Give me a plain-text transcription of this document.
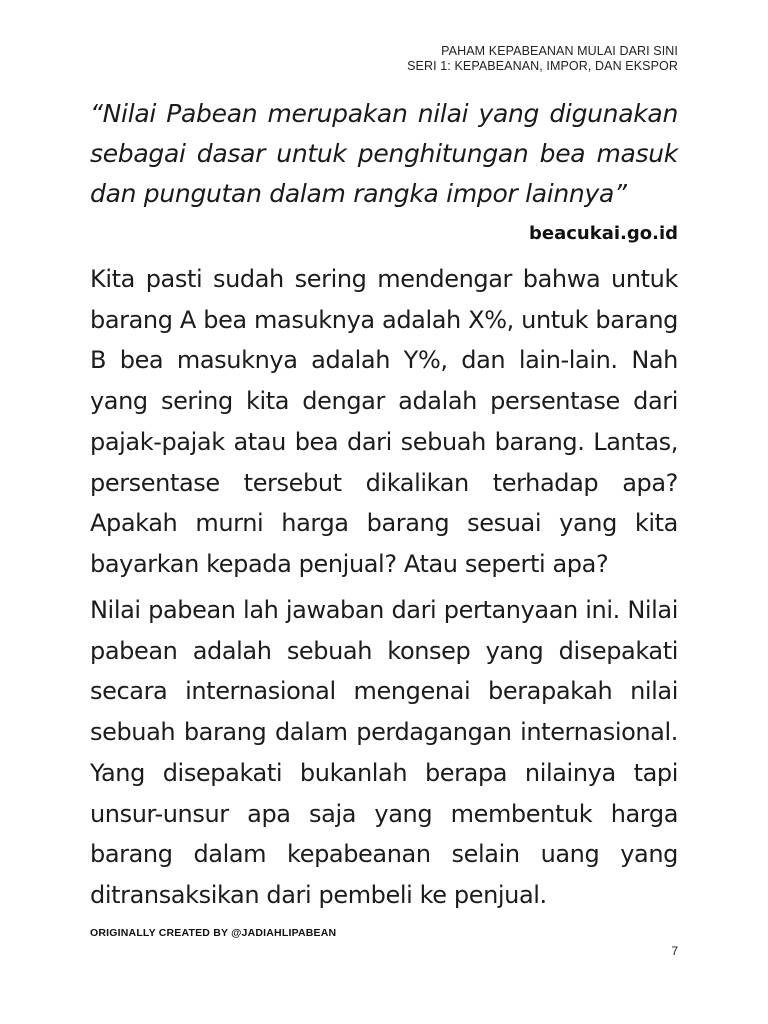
PAHAM KEPABEANAN MULAI DARI SINI
SERI 1: KEPABEANAN, IMPOR, DAN EKSPOR

“Nilai Pabean merupakan nilai yang digunakan sebagai dasar untuk penghitungan bea masuk dan pungutan dalam rangka impor lainnya”

beacukai.go.id

Kita pasti sudah sering mendengar bahwa untuk barang A bea masuknya adalah X%, untuk barang B bea masuknya adalah Y%, dan lain-lain. Nah yang sering kita dengar adalah persentase dari pajak-pajak atau bea dari sebuah barang. Lantas, persentase tersebut dikalikan terhadap apa? Apakah murni harga barang sesuai yang kita bayarkan kepada penjual? Atau seperti apa?

Nilai pabean lah jawaban dari pertanyaan ini. Nilai pabean adalah sebuah konsep yang disepakati secara internasional mengenai berapakah nilai sebuah barang dalam perdagangan internasional. Yang disepakati bukanlah berapa nilainya tapi unsur-unsur apa saja yang membentuk harga barang dalam kepabeanan selain uang yang ditransaksikan dari pembeli ke penjual.

ORIGINALLY CREATED BY @JADIAHLIPABEAN
7
